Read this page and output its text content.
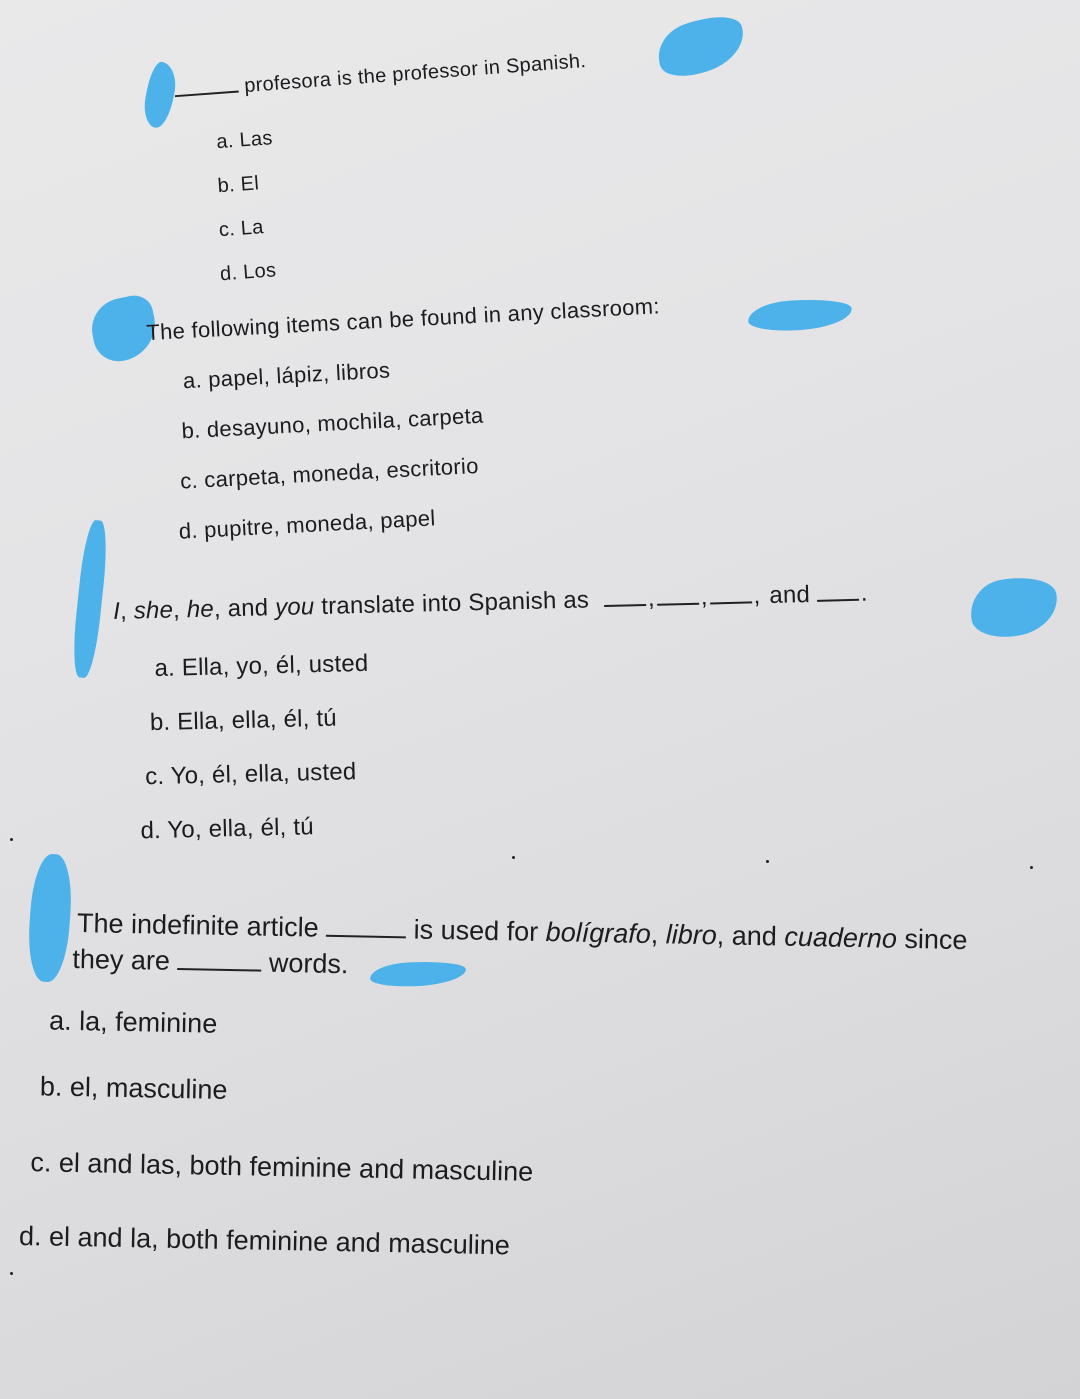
profesora is the professor in Spanish.
a. Las
b. El
c. La
d. Los
The following items can be found in any classroom:
a. papel, lápiz, libros
b. desayuno, mochila, carpeta
c. carpeta, moneda, escritorio
d. pupitre, moneda, papel
I, she, he, and you translate into Spanish as , , , and .
a. Ella, yo, él, usted
b. Ella, ella, él, tú
c. Yo, él, ella, usted
d. Yo, ella, él, tú
The indefinite article	is used for bolígrafo, libro, and cuaderno since
they are	words.
a. la, feminine
b. el, masculine
c. el and las, both feminine and masculine
d. el and la, both feminine and masculine
